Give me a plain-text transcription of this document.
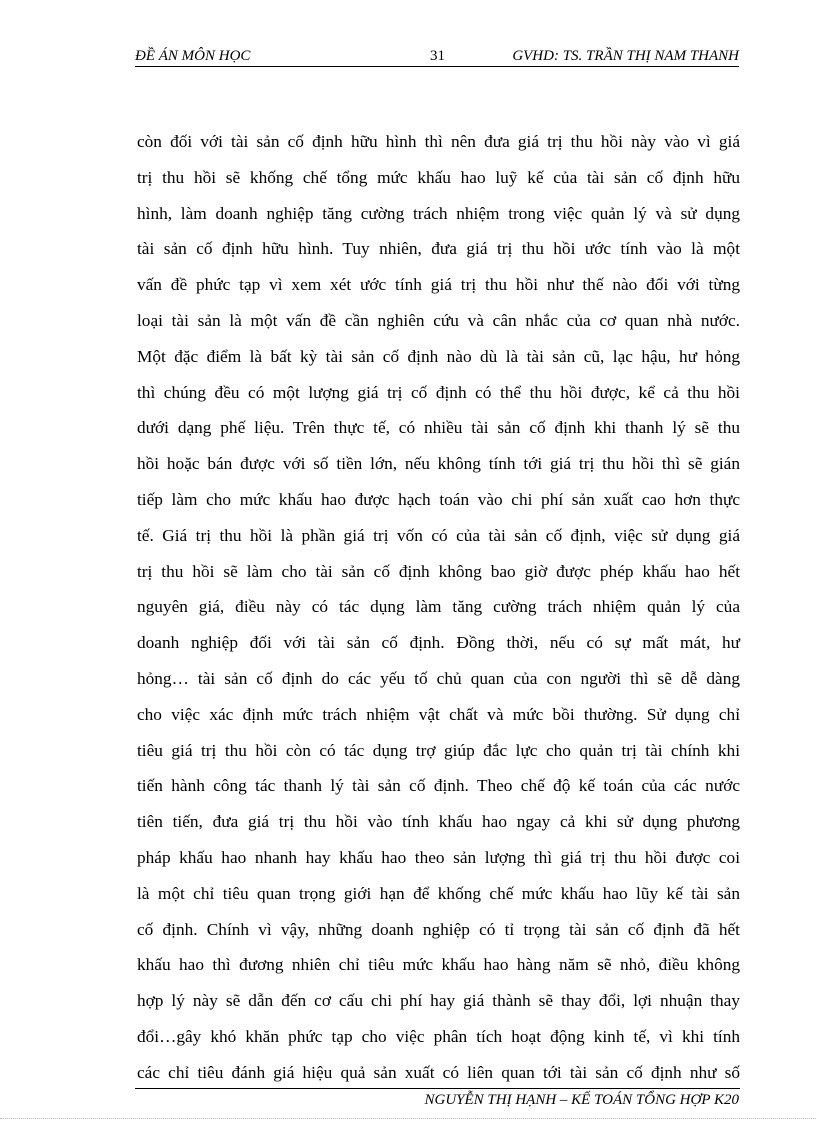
ĐỀ ÁN MÔN HỌC	31	GVHD: TS. TRẦN THỊ NAM THANH
còn đối với tài sản cố định hữu hình thì nên đưa giá trị thu hồi này vào vì giá
trị thu hồi sẽ khống chế tổng mức khấu hao luỹ kế của tài sản cố định hữu
hình, làm doanh nghiệp tăng cường trách nhiệm trong việc quản lý và sử dụng
tài sản cố định hữu hình. Tuy nhiên, đưa giá trị thu hồi ước tính vào là một
vấn đề phức tạp vì xem xét ước tính giá trị thu hồi như thế nào đối với từng
loại tài sản là một vấn đề cần nghiên cứu và cân nhắc của cơ quan nhà nước.
Một đặc điểm là bất kỳ tài sản cố định nào dù là tài sản cũ, lạc hậu, hư hỏng
thì chúng đều có một lượng giá trị cố định có thể thu hồi được, kể cả thu hồi
dưới dạng phế liệu. Trên thực tế, có nhiều tài sản cố định khi thanh lý sẽ thu
hồi hoặc bán được với số tiền lớn, nếu không tính tới giá trị thu hồi thì sẽ gián
tiếp làm cho mức khấu hao được hạch toán vào chi phí sản xuất cao hơn thực
tế. Giá trị thu hồi là phần giá trị vốn có của tài sản cố định, việc sử dụng giá
trị thu hồi sẽ làm cho tài sản cố định không bao giờ được phép khấu hao hết
nguyên giá, điều này có tác dụng làm tăng cường trách nhiệm quản lý của
doanh nghiệp đối với tài sản cố định. Đồng thời, nếu có sự mất mát, hư
hỏng… tài sản cố định do các yếu tố chủ quan của con người thì sẽ dễ dàng
cho việc xác định mức trách nhiệm vật chất và mức bồi thường. Sử dụng chỉ
tiêu giá trị thu hồi còn có tác dụng trợ giúp đắc lực cho quản trị tài chính khi
tiến hành công tác thanh lý tài sản cố định. Theo chế độ kế toán của các nước
tiên tiến, đưa giá trị thu hồi vào tính khấu hao ngay cả khi sử dụng phương
pháp khấu hao nhanh hay khấu hao theo sản lượng thì giá trị thu hồi được coi
là một chỉ tiêu quan trọng giới hạn để khống chế mức khấu hao lũy kế tài sản
cố định. Chính vì vậy, những doanh nghiệp có tỉ trọng tài sản cố định đã hết
khấu hao thì đương nhiên chỉ tiêu mức khấu hao hàng năm sẽ nhỏ, điều không
hợp lý này sẽ dẫn đến cơ cấu chi phí hay giá thành sẽ thay đổi, lợi nhuận thay
đổi…gây khó khăn phức tạp cho việc phân tích hoạt động kinh tế, vì khi tính
các chỉ tiêu đánh giá hiệu quả sản xuất có liên quan tới tài sản cố định như số
NGUYỄN THỊ HẠNH – KẾ TOÁN TỔNG HỢP K20
